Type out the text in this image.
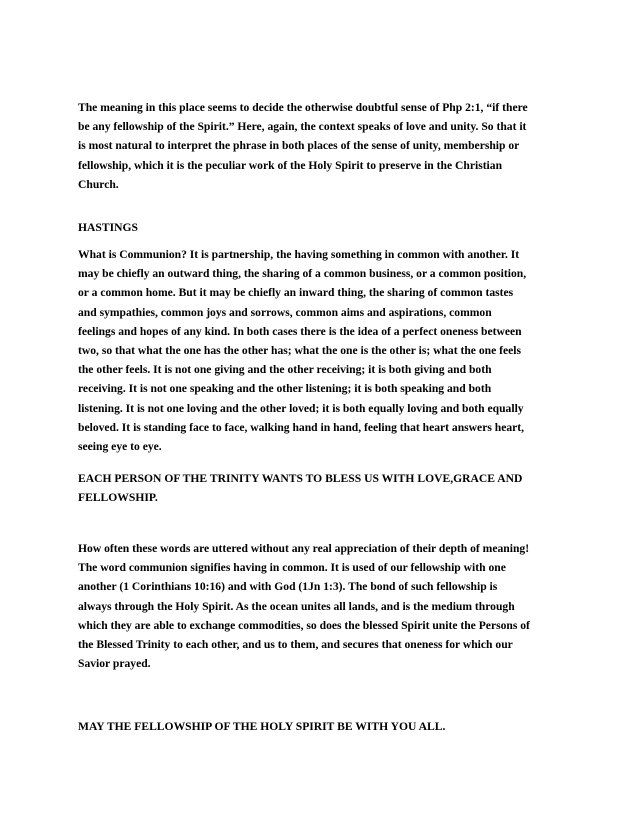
The meaning in this place seems to decide the otherwise doubtful sense of Php 2:1, “if there
be any fellowship of the Spirit.” Here, again, the context speaks of love and unity. So that it
is most natural to interpret the phrase in both places of the sense of unity, membership or
fellowship, which it is the peculiar work of the Holy Spirit to preserve in the Christian
Church.
HASTINGS
What is Communion? It is partnership, the having something in common with another. It
may be chiefly an outward thing, the sharing of a common business, or a common position,
or a common home. But it may be chiefly an inward thing, the sharing of common tastes
and sympathies, common joys and sorrows, common aims and aspirations, common
feelings and hopes of any kind. In both cases there is the idea of a perfect oneness between
two, so that what the one has the other has; what the one is the other is; what the one feels
the other feels. It is not one giving and the other receiving; it is both giving and both
receiving. It is not one speaking and the other listening; it is both speaking and both
listening. It is not one loving and the other loved; it is both equally loving and both equally
beloved. It is standing face to face, walking hand in hand, feeling that heart answers heart,
seeing eye to eye.
EACH PERSON OF THE TRINITY WANTS TO BLESS US WITH LOVE,GRACE AND
FELLOWSHIP.
How often these words are uttered without any real appreciation of their depth of meaning!
The word communion signifies having in common. It is used of our fellowship with one
another (1 Corinthians 10:16) and with God (1Jn 1:3). The bond of such fellowship is
always through the Holy Spirit. As the ocean unites all lands, and is the medium through
which they are able to exchange commodities, so does the blessed Spirit unite the Persons of
the Blessed Trinity to each other, and us to them, and secures that oneness for which our
Savior prayed.
MAY THE FELLOWSHIP OF THE HOLY SPIRIT BE WITH YOU ALL.
